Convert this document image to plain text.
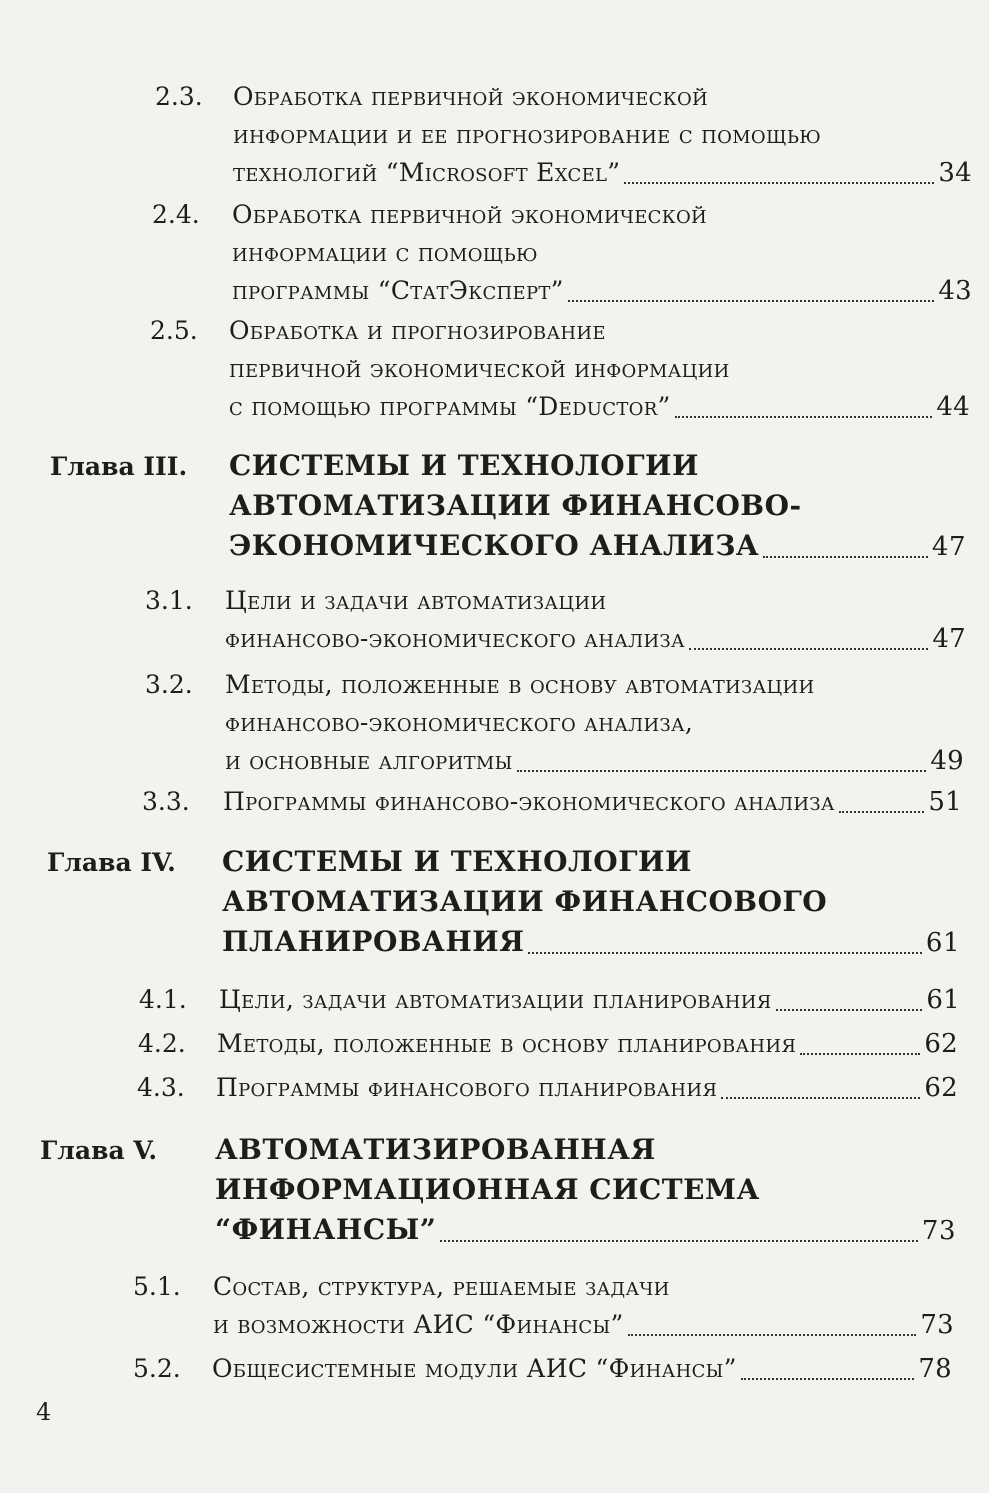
2.3. Обработка первичной экономической
информации и ее прогнозирование с помощью
технологий “Microsoft Excel”	34
2.4. Обработка первичной экономической
информации с помощью
программы “СтатЭксперт”	43
2.5. Обработка и прогнозирование
первичной экономической информации
с помощью программы “Deductor”	44
Глава III. СИСТЕМЫ И ТЕХНОЛОГИИ
АВТОМАТИЗАЦИИ ФИНАНСОВО-
ЭКОНОМИЧЕСКОГО АНАЛИЗА	47
3.1. Цели и задачи автоматизации
финансово-экономического анализа	47
3.2. Методы, положенные в основу автоматизации
финансово-экономического анализа,
и основные алгоритмы	49
3.3. Программы финансово-экономического анализа	51
Глава IV. СИСТЕМЫ И ТЕХНОЛОГИИ
АВТОМАТИЗАЦИИ ФИНАНСОВОГО
ПЛАНИРОВАНИЯ	61
4.1. Цели, задачи автоматизации планирования	61
4.2. Методы, положенные в основу планирования	62
4.3. Программы финансового планирования	62
Глава V. АВТОМАТИЗИРОВАННАЯ
ИНФОРМАЦИОННАЯ СИСТЕМА
“ФИНАНСЫ”	73
5.1. Состав, структура, решаемые задачи
и возможности АИС “Финансы”	73
5.2. Общесистемные модули АИС “Финансы”	78
4
